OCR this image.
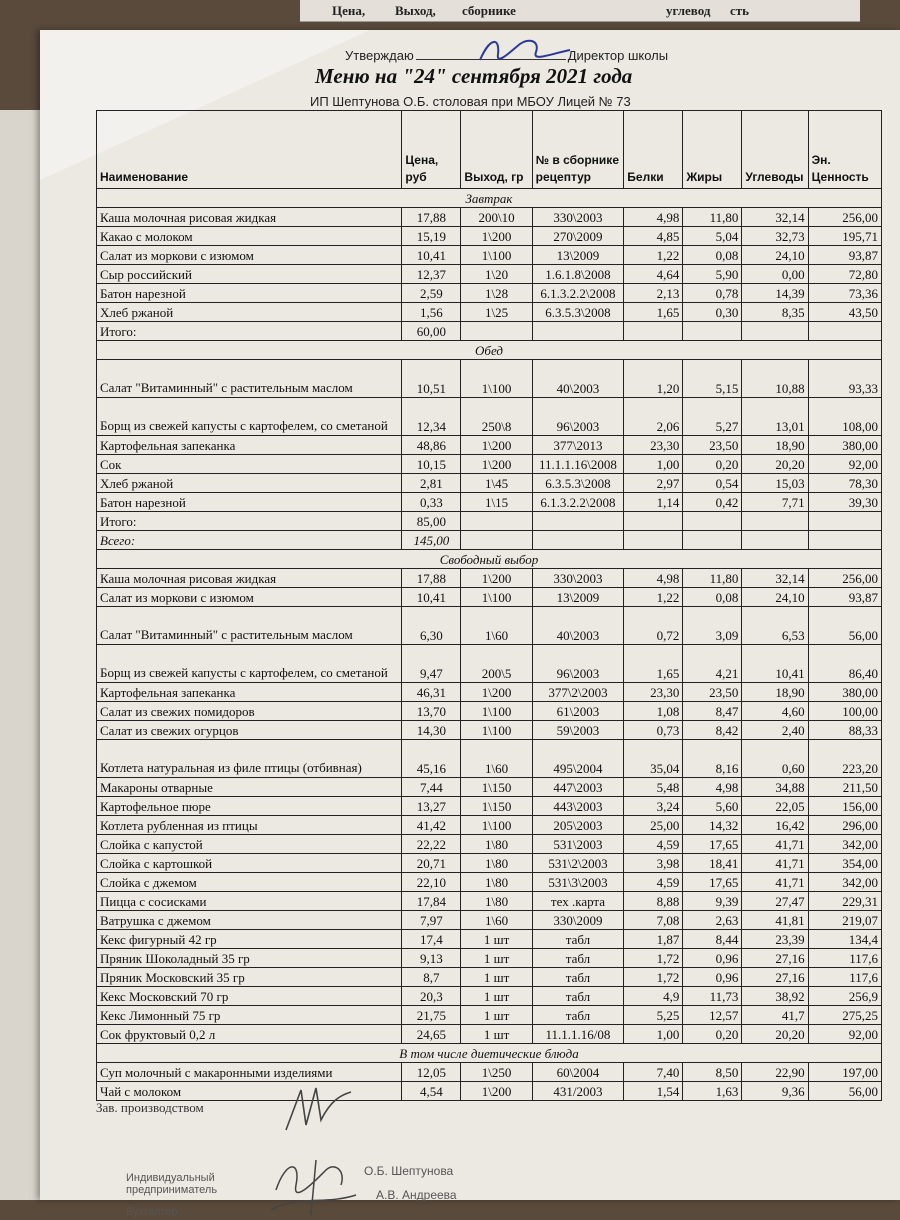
Цена, Выход, сборнике	углевод сть
Утверждаю	Директор школы
Меню на "24" сентября 2021 года
ИП Шептунова О.Б. столовая при МБОУ Лицей № 73
Наименование	Цена, руб	Выход, гр	№ в сборнике рецептур	Белки	Жиры	Углеводы	Эн. Ценность
Завтрак							
Каша молочная рисовая жидкая	17,88	200\10	330\2003	4,98	11,80	32,14	256,00
Какао с молоком	15,19	1\200	270\2009	4,85	5,04	32,73	195,71
Салат из моркови с изюмом	10,41	1\100	13\2009	1,22	0,08	24,10	93,87
Сыр российский	12,37	1\20	1.6.1.8\2008	4,64	5,90	0,00	72,80
Батон нарезной	2,59	1\28	6.1.3.2.2\2008	2,13	0,78	14,39	73,36
Хлеб ржаной	1,56	1\25	6.3.5.3\2008	1,65	0,30	8,35	43,50
Итого:	60,00						
Обед							
Салат "Витаминный" с растительным маслом	10,51	1\100	40\2003	1,20	5,15	10,88	93,33
Борщ из свежей капусты с картофелем, со сметаной	12,34	250\8	96\2003	2,06	5,27	13,01	108,00
Картофельная запеканка	48,86	1\200	377\2013	23,30	23,50	18,90	380,00
Сок	10,15	1\200	11.1.1.16\2008	1,00	0,20	20,20	92,00
Хлеб ржаной	2,81	1\45	6.3.5.3\2008	2,97	0,54	15,03	78,30
Батон нарезной	0,33	1\15	6.1.3.2.2\2008	1,14	0,42	7,71	39,30
Итого:	85,00						
Всего:	145,00						
Свободный выбор							
Каша молочная рисовая жидкая	17,88	1\200	330\2003	4,98	11,80	32,14	256,00
Салат из моркови с изюмом	10,41	1\100	13\2009	1,22	0,08	24,10	93,87
Салат "Витаминный" с растительным маслом	6,30	1\60	40\2003	0,72	3,09	6,53	56,00
Борщ из свежей капусты с картофелем, со сметаной	9,47	200\5	96\2003	1,65	4,21	10,41	86,40
Картофельная запеканка	46,31	1\200	377\2\2003	23,30	23,50	18,90	380,00
Салат из свежих помидоров	13,70	1\100	61\2003	1,08	8,47	4,60	100,00
Салат из свежих огурцов	14,30	1\100	59\2003	0,73	8,42	2,40	88,33
Котлета натуральная из филе птицы (отбивная)	45,16	1\60	495\2004	35,04	8,16	0,60	223,20
Макароны отварные	7,44	1\150	447\2003	5,48	4,98	34,88	211,50
Картофельное пюре	13,27	1\150	443\2003	3,24	5,60	22,05	156,00
Котлета рубленная из птицы	41,42	1\100	205\2003	25,00	14,32	16,42	296,00
Слойка с капустой	22,22	1\80	531\2003	4,59	17,65	41,71	342,00
Слойка с картошкой	20,71	1\80	531\2\2003	3,98	18,41	41,71	354,00
Слойка с джемом	22,10	1\80	531\3\2003	4,59	17,65	41,71	342,00
Пицца с сосисками	17,84	1\80	тех .карта	8,88	9,39	27,47	229,31
Ватрушка с джемом	7,97	1\60	330\2009	7,08	2,63	41,81	219,07
Кекс фигурный 42 гр	17,4	1 шт	табл	1,87	8,44	23,39	134,4
Пряник Шоколадный 35 гр	9,13	1 шт	табл	1,72	0,96	27,16	117,6
Пряник Московский 35 гр	8,7	1 шт	табл	1,72	0,96	27,16	117,6
Кекс Московский 70 гр	20,3	1 шт	табл	4,9	11,73	38,92	256,9
Кекс Лимонный 75 гр	21,75	1 шт	табл	5,25	12,57	41,7	275,25
Сок фруктовый 0,2 л	24,65	1 шт	11.1.1.16/08	1,00	0,20	20,20	92,00
В том числе диетические блюда							
Суп молочный с макаронными изделиями	12,05	1\250	60\2004	7,40	8,50	22,90	197,00
Чай с молоком	4,54	1\200	431/2003	1,54	1,63	9,36	56,00
Зав. производством
Индивидуальный предприниматель
Бухгалтер
О.Б. Шептунова
А.В. Андреева
